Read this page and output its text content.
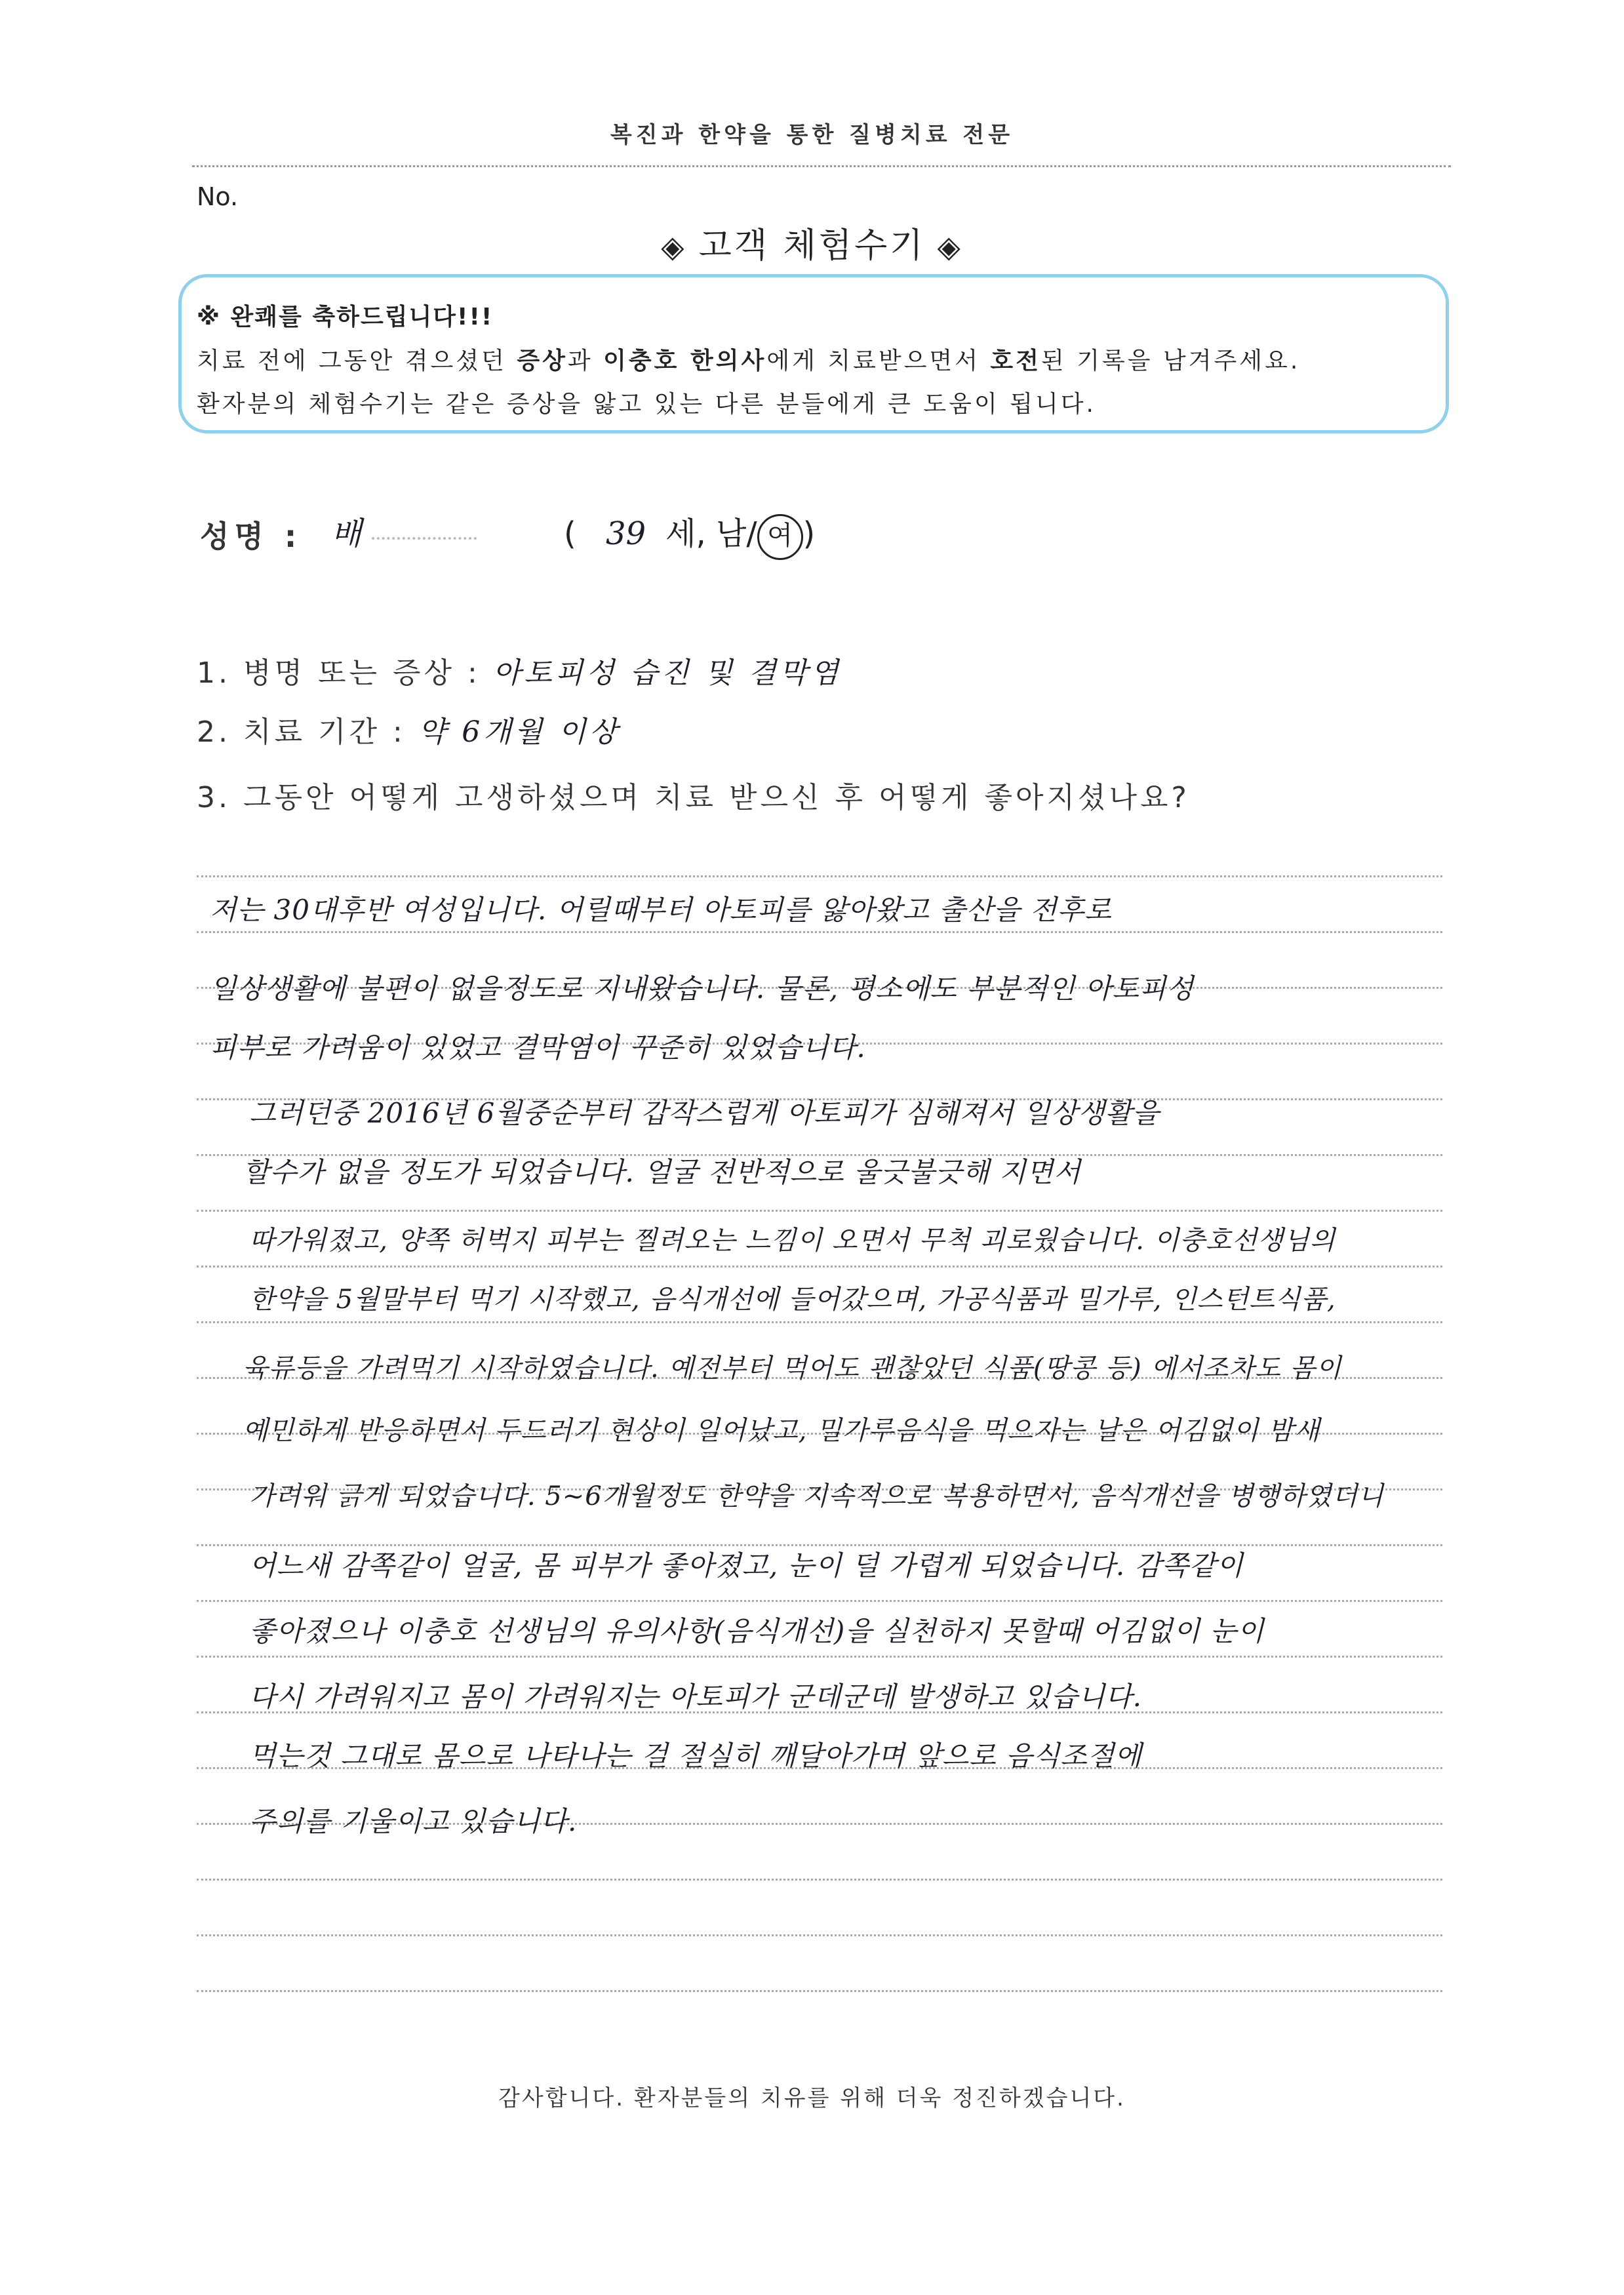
복진과 한약을 통한 질병치료 전문
No.
◈ 고객 체험수기 ◈
※ 완쾌를 축하드립니다!!!
치료 전에 그동안 겪으셨던 증상과 이충호 한의사에게 치료받으면서 호전된 기록을 남겨주세요.
환자분의 체험수기는 같은 증상을 앓고 있는 다른 분들에게 큰 도움이 됩니다.
성명 : 배	( 39 세, 남/ 여 )
1. 병명 또는 증상 : 아토피성 습진 및 결막염
2. 치료 기간 : 약 6개월 이상
3. 그동안 어떻게 고생하셨으며 치료 받으신 후 어떻게 좋아지셨나요?
저는 30대후반 여성입니다. 어릴때부터 아토피를 앓아왔고 출산을 전후로
일상생활에 불편이 없을정도로 지내왔습니다. 물론, 평소에도 부분적인 아토피성
피부로 가려움이 있었고 결막염이 꾸준히 있었습니다.
그러던중 2016년 6월중순부터 갑작스럽게 아토피가 심해져서 일상생활을
할수가 없을 정도가 되었습니다. 얼굴 전반적으로 울긋불긋해 지면서
따가워졌고, 양쪽 허벅지 피부는 찔려오는 느낌이 오면서 무척 괴로웠습니다. 이충호선생님의
한약을 5월말부터 먹기 시작했고, 음식개선에 들어갔으며, 가공식품과 밀가루, 인스턴트식품,
육류등을 가려먹기 시작하였습니다. 예전부터 먹어도 괜찮았던 식품(땅콩 등) 에서조차도 몸이
예민하게 반응하면서 두드러기 현상이 일어났고, 밀가루음식을 먹으자는 날은 어김없이 밤새
가려워 긁게 되었습니다. 5~6개월정도 한약을 지속적으로 복용하면서, 음식개선을 병행하였더니
어느새 감쪽같이 얼굴, 몸 피부가 좋아졌고, 눈이 덜 가렵게 되었습니다. 감쪽같이
좋아졌으나 이충호 선생님의 유의사항(음식개선)을 실천하지 못할때 어김없이 눈이
다시 가려워지고 몸이 가려워지는 아토피가 군데군데 발생하고 있습니다.
먹는것 그대로 몸으로 나타나는 걸 절실히 깨달아가며 앞으로 음식조절에
주의를 기울이고 있습니다.
감사합니다. 환자분들의 치유를 위해 더욱 정진하겠습니다.
